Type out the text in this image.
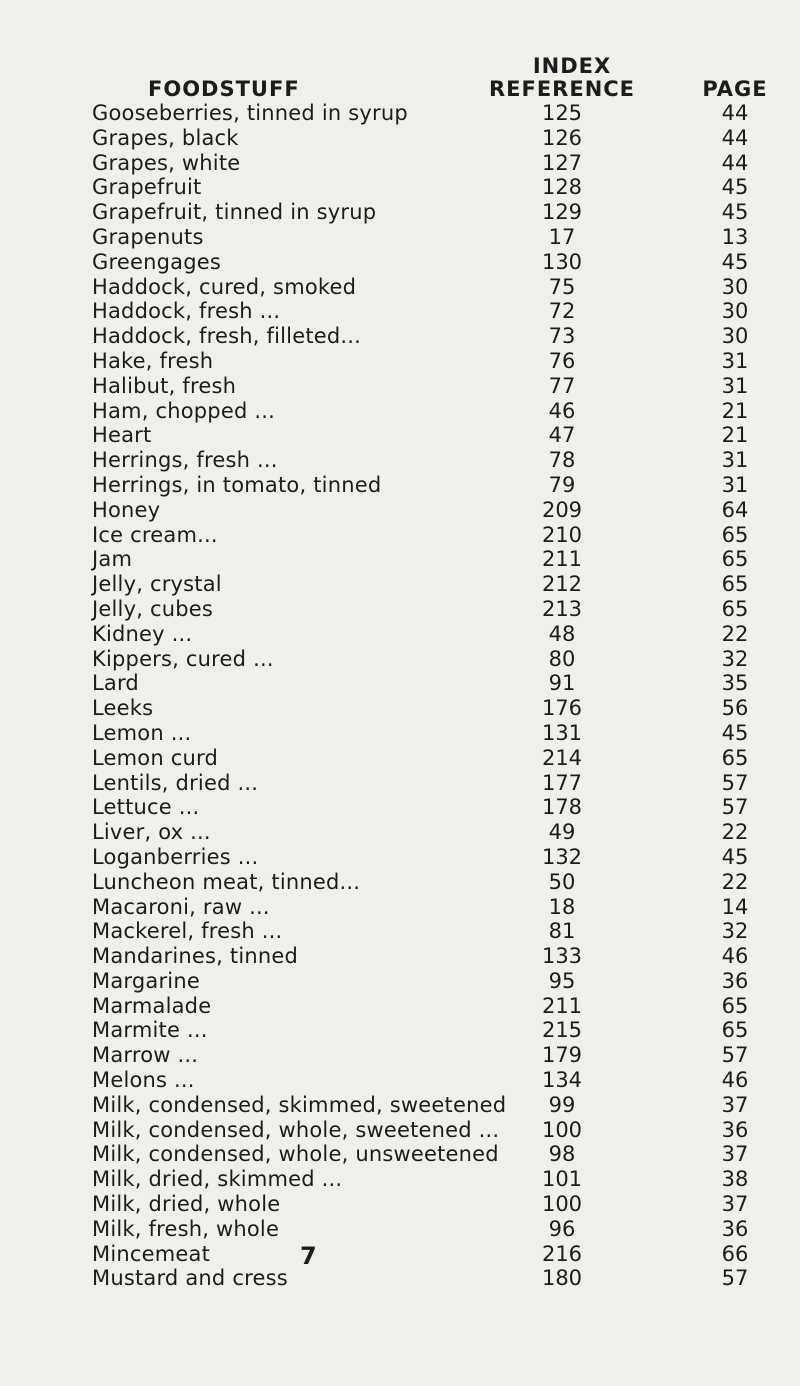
INDEX
FOODSTUFF	REFERENCE	PAGE
Gooseberries, tinned in syrup	125	44
Grapes, black	126	44
Grapes, white	127	44
Grapefruit	128	45
Grapefruit, tinned in syrup	129	45
Grapenuts	17	13
Greengages	130	45
Haddock, cured, smoked	75	30
Haddock, fresh ...	72	30
Haddock, fresh, filleted...	73	30
Hake, fresh	76	31
Halibut, fresh	77	31
Ham, chopped ...	46	21
Heart	47	21
Herrings, fresh ...	78	31
Herrings, in tomato, tinned	79	31
Honey	209	64
Ice cream...	210	65
Jam	211	65
Jelly, crystal	212	65
Jelly, cubes	213	65
Kidney ...	48	22
Kippers, cured ...	80	32
Lard	91	35
Leeks	176	56
Lemon ...	131	45
Lemon curd	214	65
Lentils, dried ...	177	57
Lettuce ...	178	57
Liver, ox ...	49	22
Loganberries ...	132	45
Luncheon meat, tinned...	50	22
Macaroni, raw ...	18	14
Mackerel, fresh ...	81	32
Mandarines, tinned	133	46
Margarine	95	36
Marmalade	211	65
Marmite ...	215	65
Marrow ...	179	57
Melons ...	134	46
Milk, condensed, skimmed, sweetened	99	37
Milk, condensed, whole, sweetened ...	100	36
Milk, condensed, whole, unsweetened	98	37
Milk, dried, skimmed ...	101	38
Milk, dried, whole	100	37
Milk, fresh, whole	96	36
Mincemeat	216	66
Mustard and cress	180	57
7
